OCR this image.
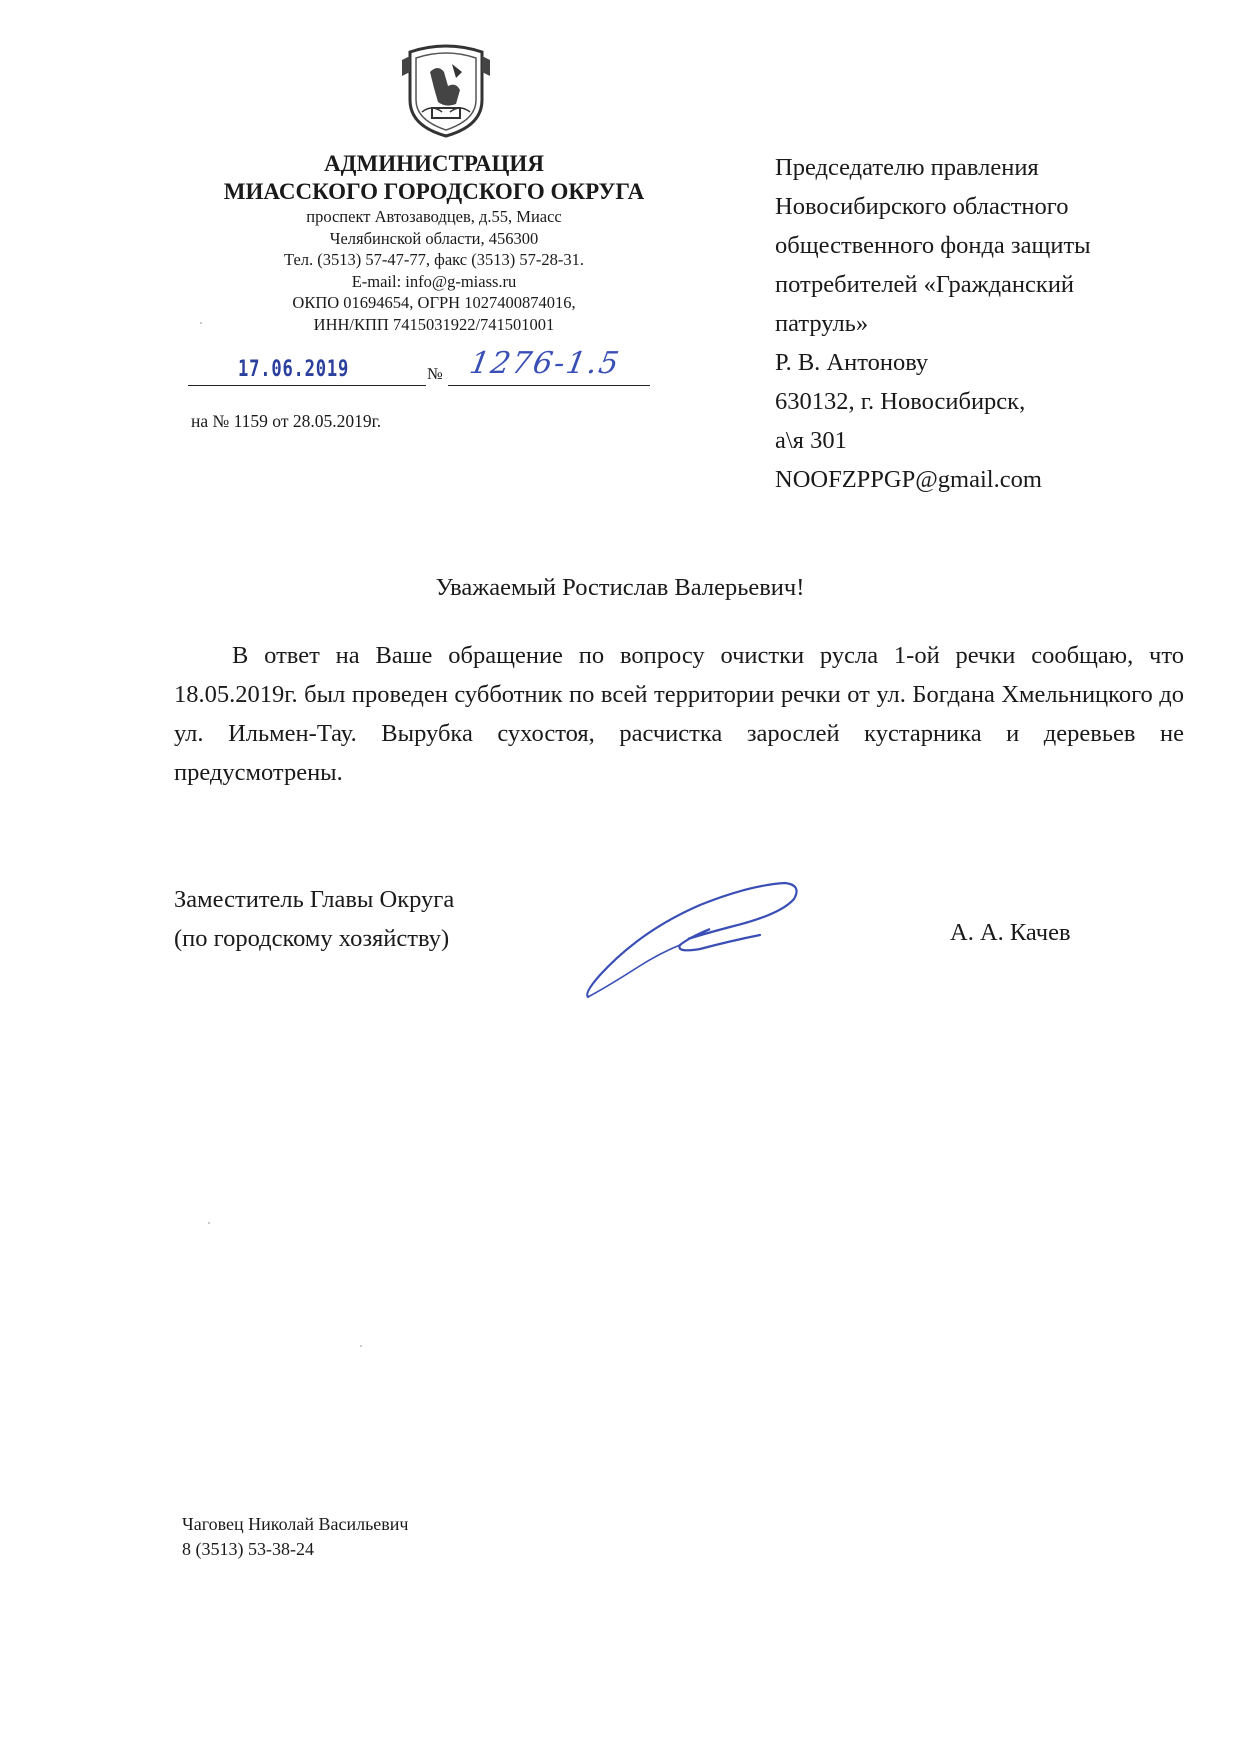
АДМИНИСТРАЦИЯ
МИАССКОГО ГОРОДСКОГО ОКРУГА
проспект Автозаводцев, д.55, Миасс
Челябинской области, 456300
Тел. (3513) 57-47-77, факс (3513) 57-28-31.
E-mail: info@g-miass.ru
ОКПО 01694654, ОГРН 1027400874016,
ИНН/КПП 7415031922/741501001
17.06.2019	№ 1276-1.5
на № 1159 от 28.05.2019г.
Председателю правления
Новосибирского областного
общественного фонда защиты
потребителей «Гражданский
патруль»
Р. В. Антонову
630132, г. Новосибирск,
а\я 301
NOOFZPPGP@gmail.com
Уважаемый Ростислав Валерьевич!
В ответ на Ваше обращение по вопросу очистки русла 1-ой речки сообщаю, что 18.05.2019г. был проведен субботник по всей территории речки от ул. Богдана Хмельницкого до ул. Ильмен-Тау. Вырубка сухостоя, расчистка зарослей кустарника и деревьев не предусмотрены.
Заместитель Главы Округа
(по городскому хозяйству)	А. А. Качев
Чаговец Николай Васильевич
8 (3513) 53-38-24
